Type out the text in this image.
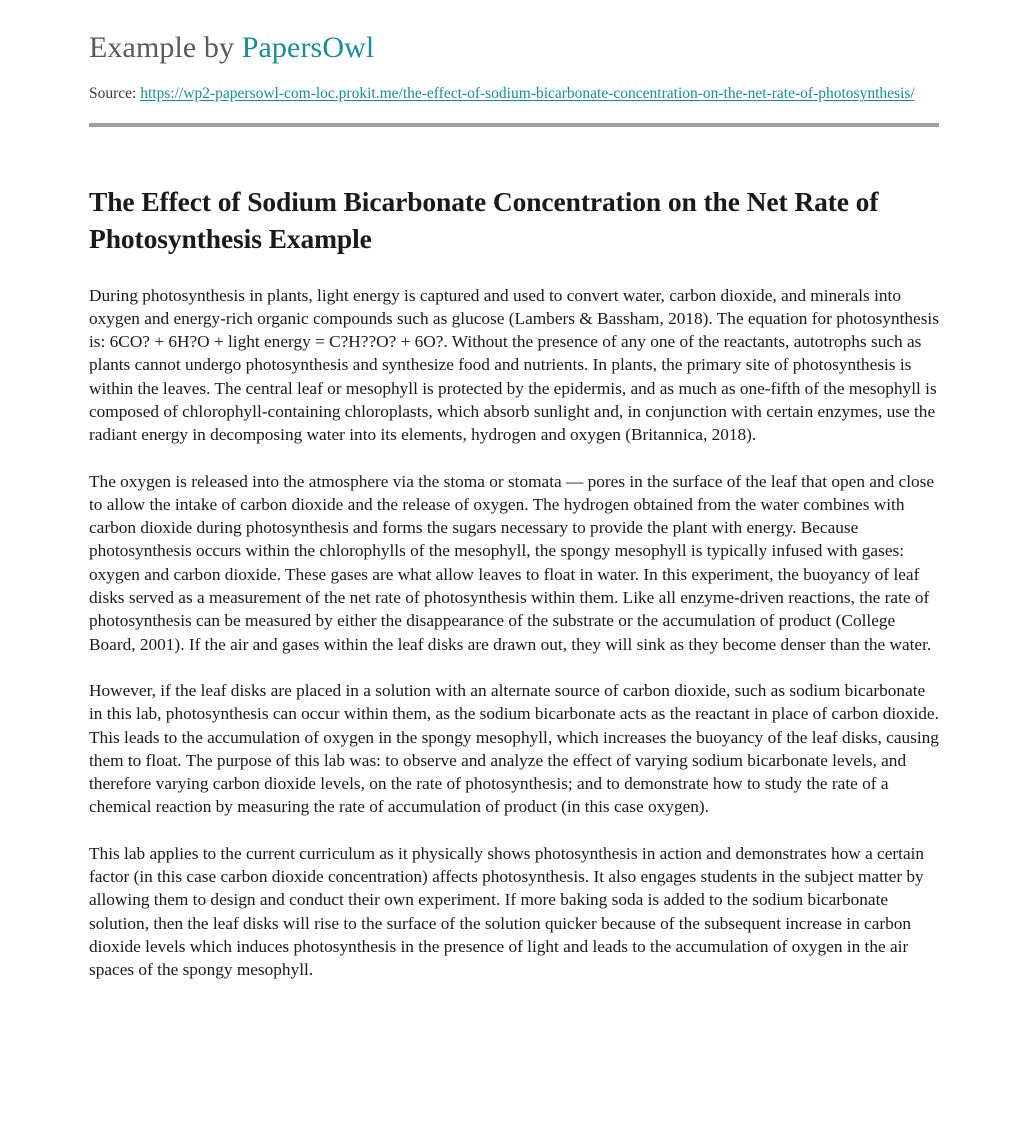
Example by PapersOwl
Source: https://wp2-papersowl-com-loc.prokit.me/the-effect-of-sodium-bicarbonate-concentration-on-the-net-rate-of-photosynthesis/
The Effect of Sodium Bicarbonate Concentration on the Net Rate of Photosynthesis Example

During photosynthesis in plants, light energy is captured and used to convert water, carbon dioxide, and minerals into oxygen and energy-rich organic compounds such as glucose (Lambers & Bassham, 2018). The equation for photosynthesis is: 6CO? + 6H?O + light energy = C?H??O? + 6O?. Without the presence of any one of the reactants, autotrophs such as plants cannot undergo photosynthesis and synthesize food and nutrients. In plants, the primary site of photosynthesis is within the leaves. The central leaf or mesophyll is protected by the epidermis, and as much as one-fifth of the mesophyll is composed of chlorophyll-containing chloroplasts, which absorb sunlight and, in conjunction with certain enzymes, use the radiant energy in decomposing water into its elements, hydrogen and oxygen (Britannica, 2018).

The oxygen is released into the atmosphere via the stoma or stomata — pores in the surface of the leaf that open and close to allow the intake of carbon dioxide and the release of oxygen. The hydrogen obtained from the water combines with carbon dioxide during photosynthesis and forms the sugars necessary to provide the plant with energy. Because photosynthesis occurs within the chlorophylls of the mesophyll, the spongy mesophyll is typically infused with gases: oxygen and carbon dioxide. These gases are what allow leaves to float in water. In this experiment, the buoyancy of leaf disks served as a measurement of the net rate of photosynthesis within them. Like all enzyme-driven reactions, the rate of photosynthesis can be measured by either the disappearance of the substrate or the accumulation of product (College Board, 2001). If the air and gases within the leaf disks are drawn out, they will sink as they become denser than the water.

However, if the leaf disks are placed in a solution with an alternate source of carbon dioxide, such as sodium bicarbonate in this lab, photosynthesis can occur within them, as the sodium bicarbonate acts as the reactant in place of carbon dioxide. This leads to the accumulation of oxygen in the spongy mesophyll, which increases the buoyancy of the leaf disks, causing them to float. The purpose of this lab was: to observe and analyze the effect of varying sodium bicarbonate levels, and therefore varying carbon dioxide levels, on the rate of photosynthesis; and to demonstrate how to study the rate of a chemical reaction by measuring the rate of accumulation of product (in this case oxygen).

This lab applies to the current curriculum as it physically shows photosynthesis in action and demonstrates how a certain factor (in this case carbon dioxide concentration) affects photosynthesis. It also engages students in the subject matter by allowing them to design and conduct their own experiment. If more baking soda is added to the sodium bicarbonate solution, then the leaf disks will rise to the surface of the solution quicker because of the subsequent increase in carbon dioxide levels which induces photosynthesis in the presence of light and leads to the accumulation of oxygen in the air spaces of the spongy mesophyll.
